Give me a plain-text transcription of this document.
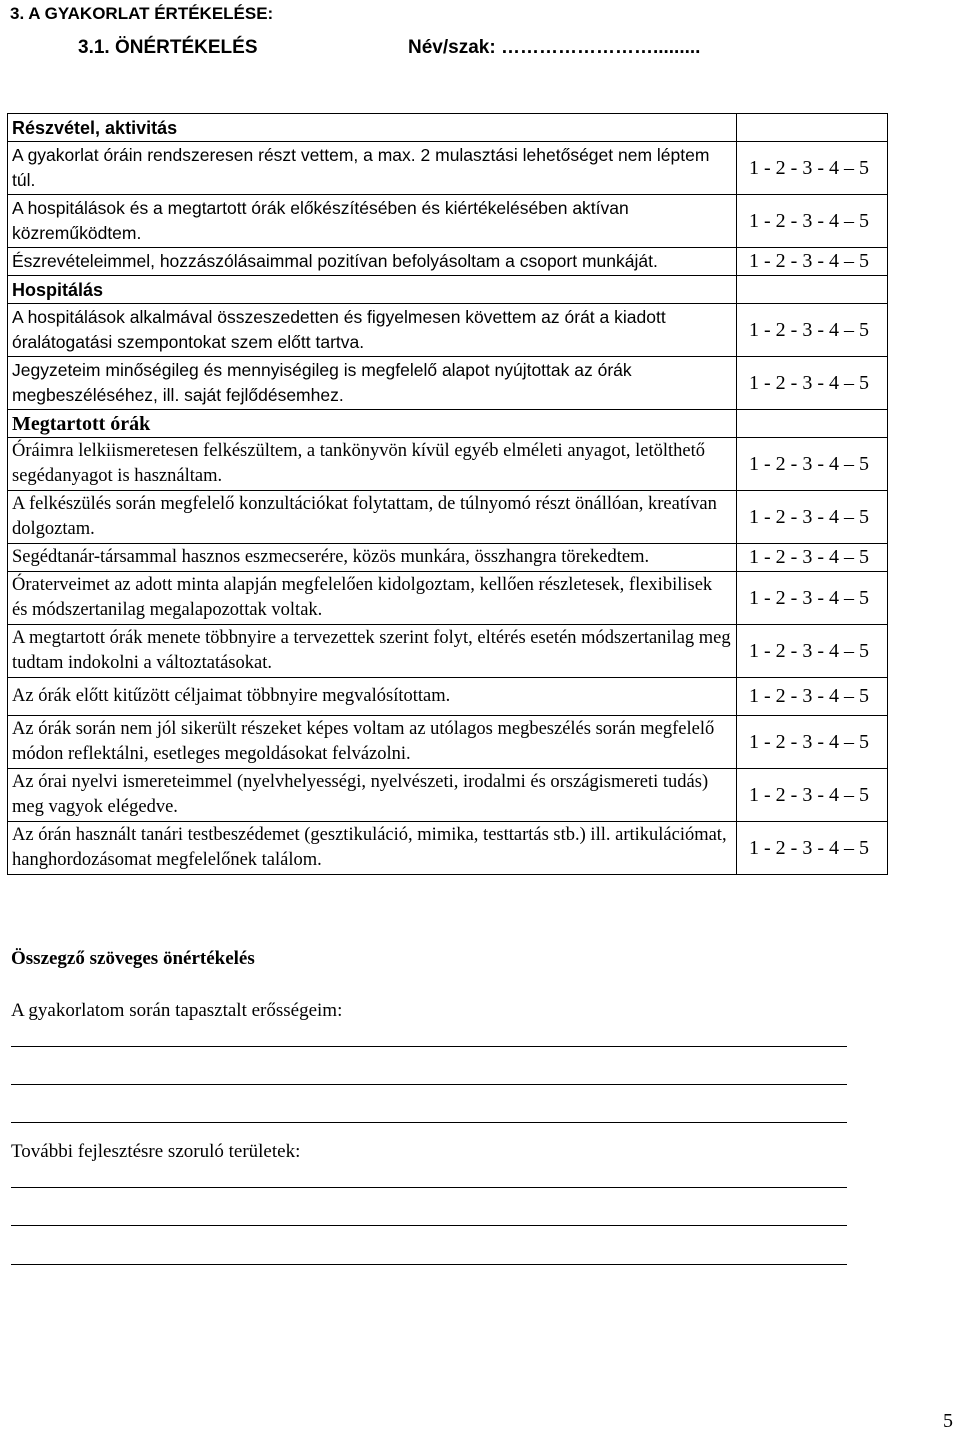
3. A GYAKORLAT ÉRTÉKELÉSE:
3.1. ÖNÉRTÉKELÉS	Név/szak: …………………….........
Részvétel, aktivitás	
A gyakorlat óráin rendszeresen részt vettem, a max. 2 mulasztási lehetőséget nem léptem túl.	1 - 2 - 3 - 4 – 5
A hospitálások és a megtartott órák előkészítésében és kiértékelésében aktívan közreműködtem.	1 - 2 - 3 - 4 – 5
Észrevételeimmel, hozzászólásaimmal pozitívan befolyásoltam a csoport munkáját.	1 - 2 - 3 - 4 – 5
Hospitálás	
A hospitálások alkalmával összeszedetten és figyelmesen követtem az órát a kiadott óralátogatási szempontokat szem előtt tartva.	1 - 2 - 3 - 4 – 5
Jegyzeteim minőségileg és mennyiségileg is megfelelő alapot nyújtottak az órák megbeszéléséhez, ill. saját fejlődésemhez.	1 - 2 - 3 - 4 – 5
Megtartott órák	
Óráimra lelkiismeretesen felkészültem, a tankönyvön kívül egyéb elméleti anyagot, letölthető segédanyagot is használtam.	1 - 2 - 3 - 4 – 5
A felkészülés során megfelelő konzultációkat folytattam, de túlnyomó részt önállóan, kreatívan dolgoztam.	1 - 2 - 3 - 4 – 5
Segédtanár-társammal hasznos eszmecserére, közös munkára, összhangra törekedtem.	1 - 2 - 3 - 4 – 5
Óraterveimet az adott minta alapján megfelelően kidolgoztam, kellően részletesek, flexibilisek és módszertanilag megalapozottak voltak.	1 - 2 - 3 - 4 – 5
A megtartott órák menete többnyire a tervezettek szerint folyt, eltérés esetén módszertanilag meg tudtam indokolni a változtatásokat.	1 - 2 - 3 - 4 – 5
Az órák előtt kitűzött céljaimat többnyire megvalósítottam.	1 - 2 - 3 - 4 – 5
Az órák során nem jól sikerült részeket képes voltam az utólagos megbeszélés során megfelelő módon reflektálni, esetleges megoldásokat felvázolni.	1 - 2 - 3 - 4 – 5
Az órai nyelvi ismereteimmel (nyelvhelyességi, nyelvészeti, irodalmi és országismereti tudás) meg vagyok elégedve.	1 - 2 - 3 - 4 – 5
Az órán használt tanári testbeszédemet (gesztikuláció, mimika, testtartás stb.) ill. artikulációmat, hanghordozásomat megfelelőnek találom.	1 - 2 - 3 - 4 – 5
Összegző szöveges önértékelés
A gyakorlatom során tapasztalt erősségeim:
További fejlesztésre szoruló területek:
5
